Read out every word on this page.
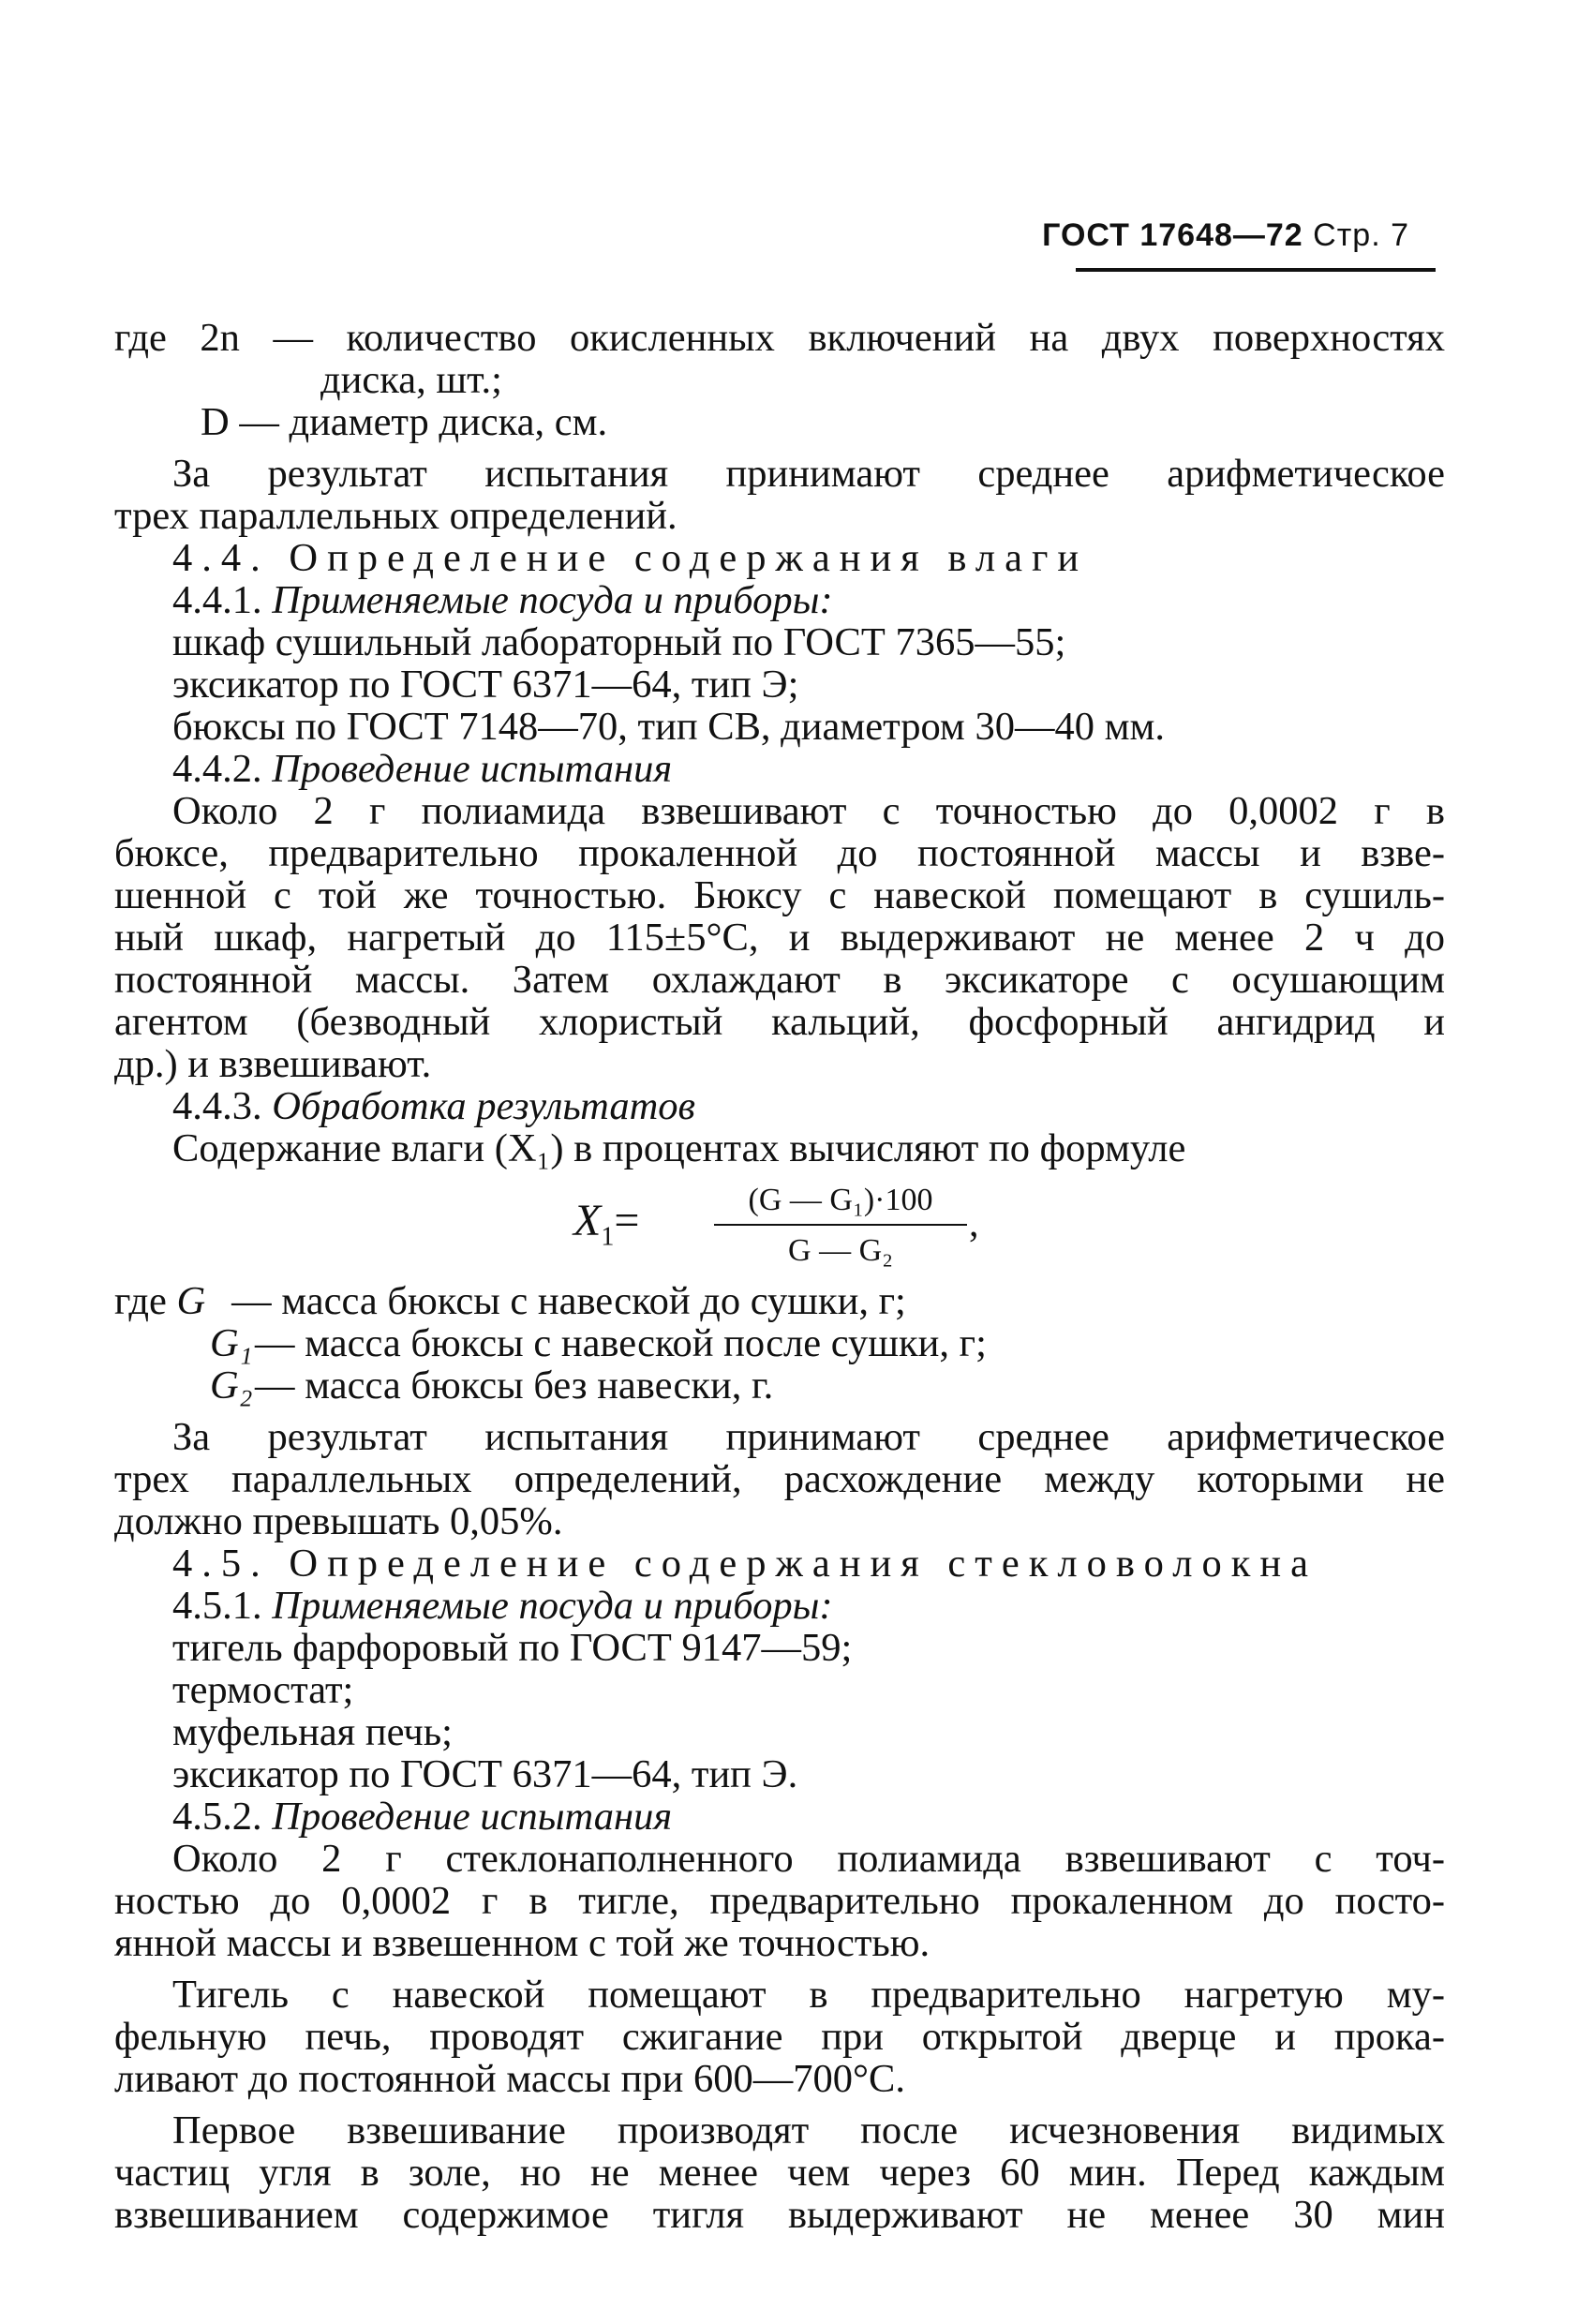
ГОСТ 17648—72 Стр. 7
где 2n — количество окисленных включений на двух поверхностях
диска, шт.;
D — диаметр диска, см.
За результат испытания принимают среднее арифметическое
трех параллельных определений.
4.4. Определение содержания влаги
4.4.1. Применяемые посуда и приборы:
шкаф сушильный лабораторный по ГОСТ 7365—55;
эксикатор по ГОСТ 6371—64, тип Э;
бюксы по ГОСТ 7148—70, тип СВ, диаметром 30—40 мм.
4.4.2. Проведение испытания
Около 2 г полиамида взвешивают с точностью до 0,0002 г в
бюксе, предварительно прокаленной до постоянной массы и взве-
шенной с той же точностью. Бюксу с навеской помещают в сушиль-
ный шкаф, нагретый до 115±5°С, и выдерживают не менее 2 ч до
постоянной массы. Затем охлаждают в эксикаторе с осушающим
агентом (безводный хлористый кальций, фосфорный ангидрид и
др.) и взвешивают.
4.4.3. Обработка результатов
Содержание влаги (X₁) в процентах вычисляют по формуле
$X_1=$	(G — G₁)·100
G — G₂
,
где G — масса бюксы с навеской до сушки, г;
G₁— масса бюксы с навеской после сушки, г;
G₂— масса бюксы без навески, г.
За результат испытания принимают среднее арифметическое
трех параллельных определений, расхождение между которыми не
должно превышать 0,05%.
4.5. Определение содержания стекловолокна
4.5.1. Применяемые посуда и приборы:
тигель фарфоровый по ГОСТ 9147—59;
термостат;
муфельная печь;
эксикатор по ГОСТ 6371—64, тип Э.
4.5.2. Проведение испытания
Около 2 г стеклонаполненного полиамида взвешивают с точ-
ностью до 0,0002 г в тигле, предварительно прокаленном до посто-
янной массы и взвешенном с той же точностью.
Тигель с навеской помещают в предварительно нагретую му-
фельную печь, проводят сжигание при открытой дверце и прока-
ливают до постоянной массы при 600—700°С.
Первое взвешивание производят после исчезновения видимых
частиц угля в золе, но не менее чем через 60 мин. Перед каждым
взвешиванием содержимое тигля выдерживают не менее 30 мин
